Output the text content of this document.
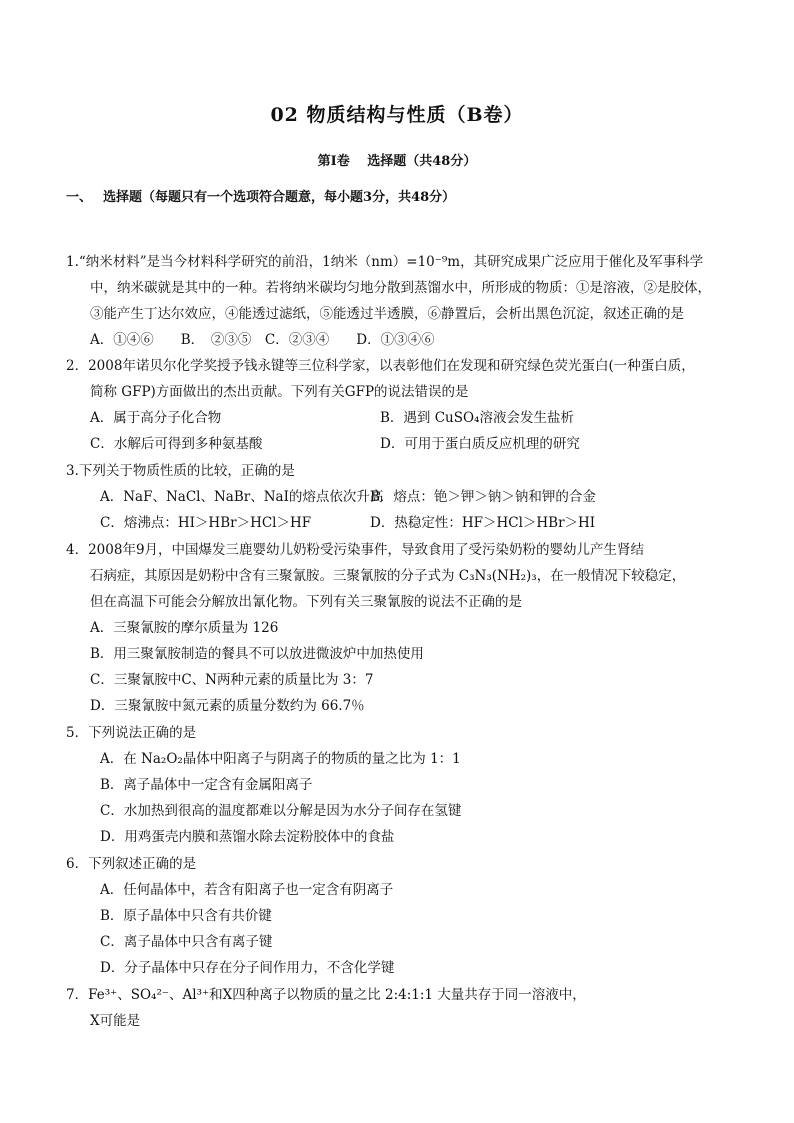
02 物质结构与性质（B卷）
第Ⅰ卷　 选择题（共48分）
一、　 选择题（每题只有一个选项符合题意，每小题3分，共48分）
1.“纳米材料”是当今材料科学研究的前沿，1纳米（nm）=10⁻⁹m，其研究成果广泛应用于催化及军事科学
中，纳米碳就是其中的一种。若将纳米碳均匀地分散到蒸馏水中，所形成的物质：①是溶液，②是胶体，
③能产生丁达尔效应，④能透过滤纸，⑤能透过半透膜，⑥静置后，会析出黑色沉淀，叙述正确的是
A．①④⑥　　B．　②③⑤　C．②③④　　D．①③④⑥
2．2008年诺贝尔化学奖授予钱永键等三位科学家，以表彰他们在发现和研究绿色荧光蛋白(一种蛋白质，
简称 GFP)方面做出的杰出贡献。下列有关GFP的说法错误的是
A．属于高分子化合物	B．遇到 CuSO₄溶液会发生盐析
C．水解后可得到多种氨基酸	D．可用于蛋白质反应机理的研究
3.下列关于物质性质的比较，正确的是
A．NaF、NaCl、NaBr、NaI的熔点依次升高
B．熔点：铯＞钾＞钠＞钠和钾的合金
C．熔沸点：HI＞HBr＞HCl＞HF	D．热稳定性：HF＞HCl＞HBr＞HI
4．2008年9月，中国爆发三鹿婴幼儿奶粉受污染事件，导致食用了受污染奶粉的婴幼儿产生肾结
石病症，其原因是奶粉中含有三聚氰胺。三聚氰胺的分子式为 C₃N₃(NH₂)₃，在一般情况下较稳定，
但在高温下可能会分解放出氰化物。下列有关三聚氰胺的说法不正确的是
A．三聚氰胺的摩尔质量为 126
B．用三聚氰胺制造的餐具不可以放进微波炉中加热使用
C．三聚氰胺中C、N两种元素的质量比为 3：7
D．三聚氰胺中氮元素的质量分数约为 66.7％
5．下列说法正确的是
A．在 Na₂O₂晶体中阳离子与阴离子的物质的量之比为 1：1
B．离子晶体中一定含有金属阳离子
C．水加热到很高的温度都难以分解是因为水分子间存在氢键
D．用鸡蛋壳内膜和蒸馏水除去淀粉胶体中的食盐
6．下列叙述正确的是
A．任何晶体中，若含有阳离子也一定含有阴离子
B．原子晶体中只含有共价键
C．离子晶体中只含有离子键
D．分子晶体中只存在分子间作用力，不含化学键
7．Fe³⁺、SO₄²⁻、Al³⁺和X四种离子以物质的量之比 2:4:1:1 大量共存于同一溶液中，
X可能是
